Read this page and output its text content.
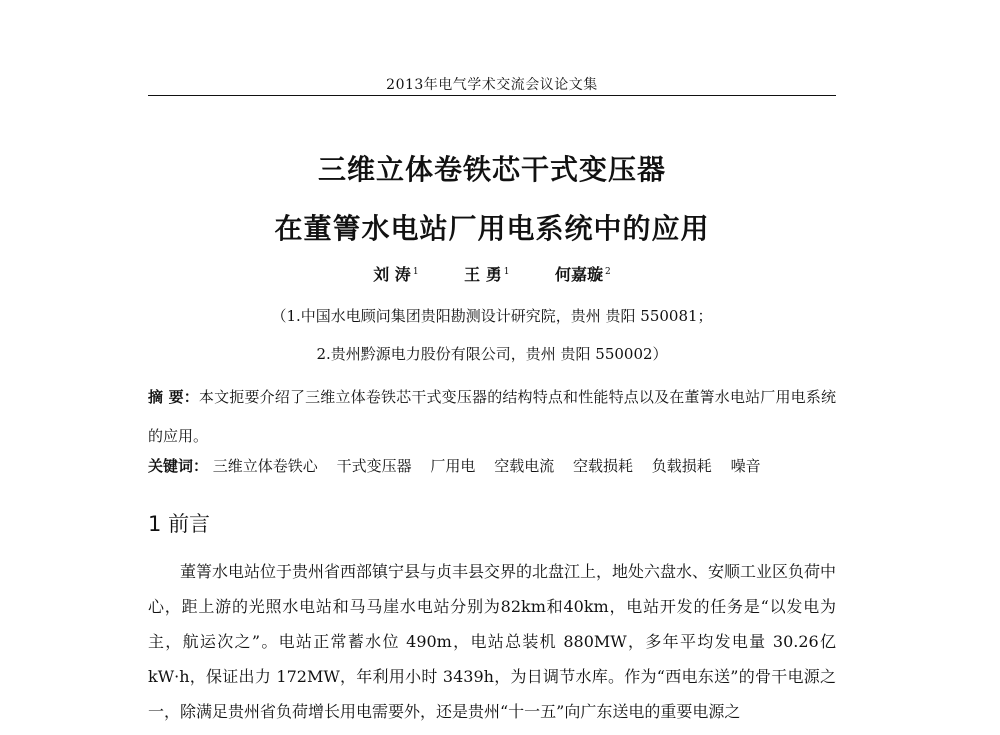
2013年电气学术交流会议论文集
三维立体卷铁芯干式变压器
在董箐水电站厂用电系统中的应用
刘 涛 $^1$	王 勇 $^1$	何嘉璇 $^2$
（1.中国水电顾问集团贵阳勘测设计研究院，贵州 贵阳 550081；
2.贵州黔源电力股份有限公司，贵州 贵阳 550002）
摘 要：本文扼要介绍了三维立体卷铁芯干式变压器的结构特点和性能特点以及在董箐水电站厂用电系统的应用。
关键词： 三维立体卷铁心 干式变压器 厂用电 空载电流 空载损耗 负载损耗 噪音
1 前言
董箐水电站位于贵州省西部镇宁县与贞丰县交界的北盘江上，地处六盘水、安顺工业区负荷中心，距上游的光照水电站和马马崖水电站分别为82km和40km，电站开发的任务是“以发电为主，航运次之”。电站正常蓄水位 490m，电站总装机 880MW，多年平均发电量 30.26亿 kW·h，保证出力 172MW，年利用小时 3439h，为日调节水库。作为“西电东送”的骨干电源之一，除满足贵州省负荷增长用电需要外，还是贵州“十一五”向广东送电的重要电源之
